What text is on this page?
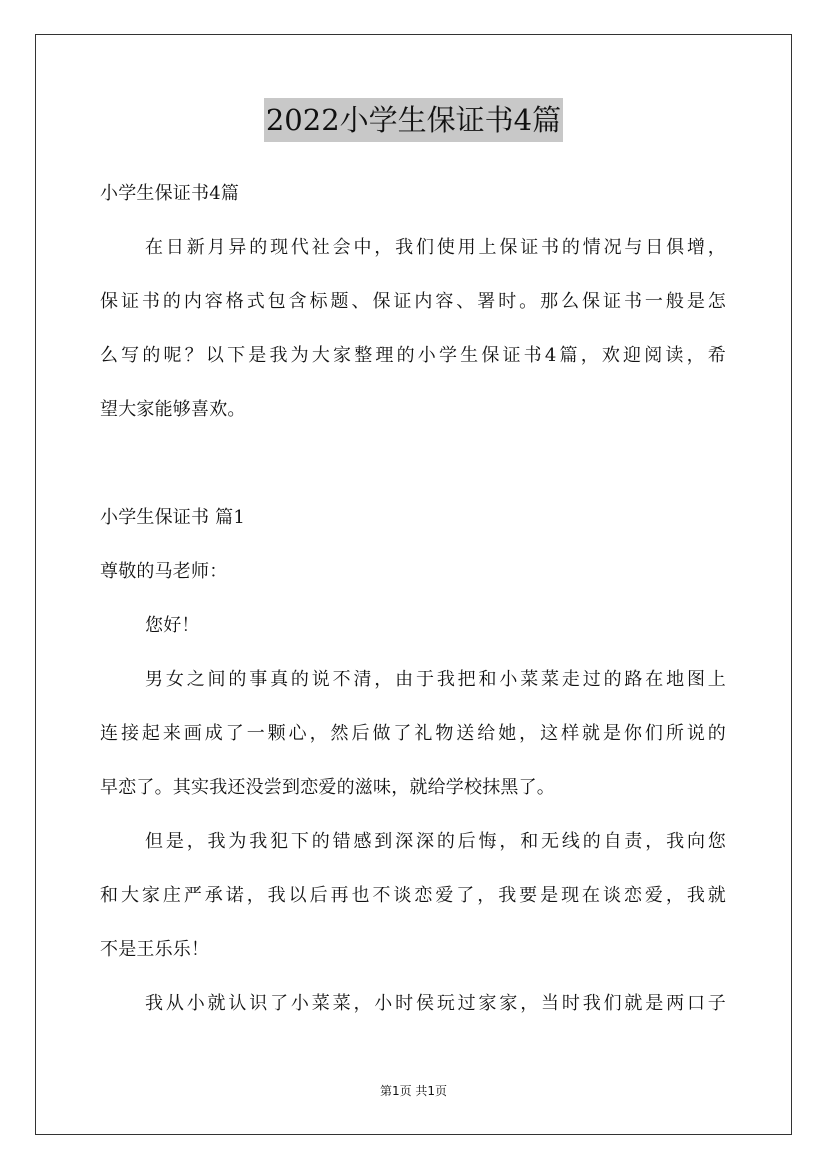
2022小学生保证书4篇
小学生保证书4篇
在日新月异的现代社会中，我们使用上保证书的情况与日俱增，
保证书的内容格式包含标题、保证内容、署时。那么保证书一般是怎
么写的呢？以下是我为大家整理的小学生保证书4篇，欢迎阅读，希
望大家能够喜欢。
小学生保证书 篇1
尊敬的马老师：
您好！
男女之间的事真的说不清，由于我把和小菜菜走过的路在地图上
连接起来画成了一颗心，然后做了礼物送给她，这样就是你们所说的
早恋了。其实我还没尝到恋爱的滋味，就给学校抹黑了。
但是，我为我犯下的错感到深深的后悔，和无线的自责，我向您
和大家庄严承诺，我以后再也不谈恋爱了，我要是现在谈恋爱，我就
不是王乐乐！
我从小就认识了小菜菜，小时侯玩过家家，当时我们就是两口子
第1页 共1页
